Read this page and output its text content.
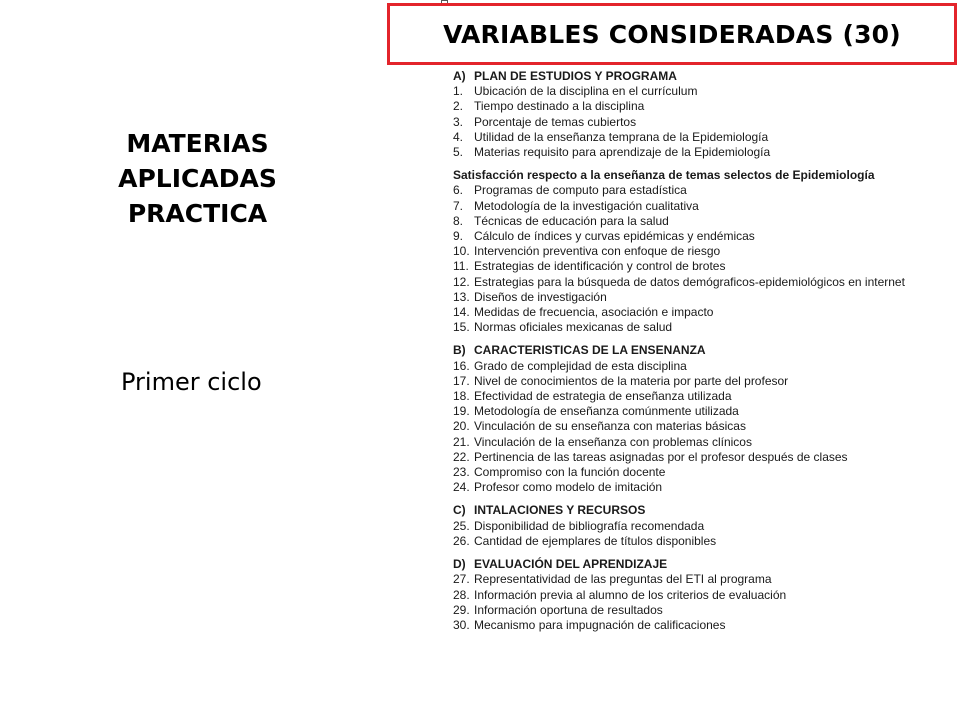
VARIABLES CONSIDERADAS (30)
MATERIAS
APLICADAS
PRACTICA
Primer ciclo
A) PLAN DE ESTUDIOS Y PROGRAMA
1. Ubicación de la disciplina en el currículum
2. Tiempo destinado a la disciplina
3. Porcentaje de temas cubiertos
4. Utilidad de la enseñanza temprana de la Epidemiología
5. Materias requisito para aprendizaje de la Epidemiología
Satisfacción respecto a la enseñanza de temas selectos de Epidemiología
6. Programas de computo para estadística
7. Metodología de la investigación cualitativa
8. Técnicas de educación para la salud
9. Cálculo de índices y curvas epidémicas y endémicas
10. Intervención preventiva con enfoque de riesgo
11. Estrategias de identificación y control de brotes
12. Estrategias para la búsqueda de datos demógraficos-epidemiológicos en internet
13. Diseños de investigación
14. Medidas de frecuencia, asociación e impacto
15. Normas oficiales mexicanas de salud
B) CARACTERISTICAS DE LA ENSENANZA
16. Grado de complejidad de esta disciplina
17. Nivel de conocimientos de la materia por parte del profesor
18. Efectividad de estrategia de enseñanza utilizada
19. Metodología de enseñanza comúnmente utilizada
20. Vinculación de su enseñanza con materias básicas
21. Vinculación de la enseñanza con problemas clínicos
22. Pertinencia de las tareas asignadas por el profesor después de clases
23. Compromiso con la función docente
24. Profesor como modelo de imitación
C) INTALACIONES Y RECURSOS
25. Disponibilidad de bibliografía recomendada
26. Cantidad de ejemplares de títulos disponibles
D) EVALUACIÓN DEL APRENDIZAJE
27. Representatividad de las preguntas del ETI al programa
28. Información previa al alumno de los criterios de evaluación
29. Información oportuna de resultados
30. Mecanismo para impugnación de calificaciones
